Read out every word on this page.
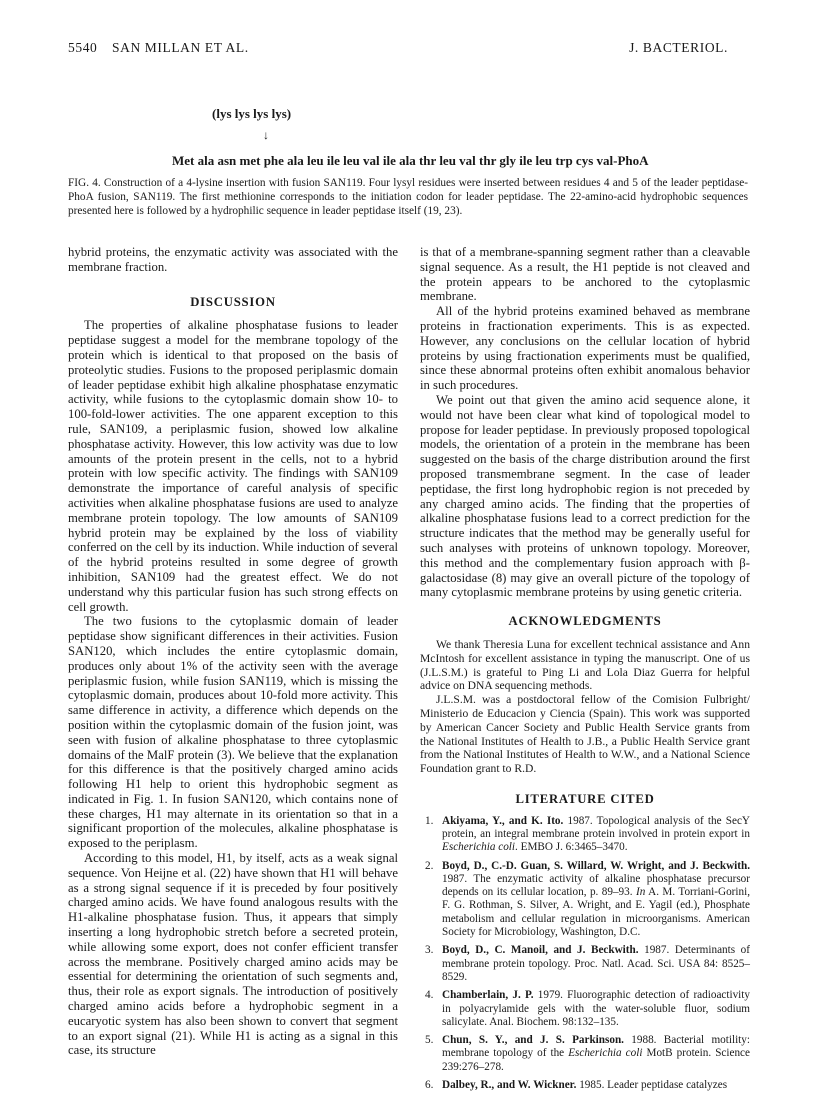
5540 SAN MILLAN ET AL.	J. BACTERIOL.
(lys lys lys lys)
↓
Met ala asn met phe ala leu ile leu val ile ala thr leu val thr gly ile leu trp cys val-PhoA
FIG. 4. Construction of a 4-lysine insertion with fusion SAN119. Four lysyl residues were inserted between residues 4 and 5 of the leader peptidase-PhoA fusion, SAN119. The first methionine corresponds to the initiation codon for leader peptidase. The 22-amino-acid hydrophobic sequences presented here is followed by a hydrophilic sequence in leader peptidase itself (19, 23).

hybrid proteins, the enzymatic activity was associated with the membrane fraction.

DISCUSSION

The properties of alkaline phosphatase fusions to leader peptidase suggest a model for the membrane topology of the protein which is identical to that proposed on the basis of proteolytic studies. Fusions to the proposed periplasmic domain of leader peptidase exhibit high alkaline phosphatase enzymatic activity, while fusions to the cytoplasmic domain show 10- to 100-fold-lower activities. The one apparent exception to this rule, SAN109, a periplasmic fusion, showed low alkaline phosphatase activity. However, this low activity was due to low amounts of the protein present in the cells, not to a hybrid protein with low specific activity. The findings with SAN109 demonstrate the importance of careful analysis of specific activities when alkaline phosphatase fusions are used to analyze membrane protein topology. The low amounts of SAN109 hybrid protein may be explained by the loss of viability conferred on the cell by its induction. While induction of several of the hybrid proteins resulted in some degree of growth inhibition, SAN109 had the greatest effect. We do not understand why this particular fusion has such strong effects on cell growth.

The two fusions to the cytoplasmic domain of leader peptidase show significant differences in their activities. Fusion SAN120, which includes the entire cytoplasmic domain, produces only about 1% of the activity seen with the average periplasmic fusion, while fusion SAN119, which is missing the cytoplasmic domain, produces about 10-fold more activity. This same difference in activity, a difference which depends on the position within the cytoplasmic domain of the fusion joint, was seen with fusion of alkaline phosphatase to three cytoplasmic domains of the MalF protein (3). We believe that the explanation for this difference is that the positively charged amino acids following H1 help to orient this hydrophobic segment as indicated in Fig. 1. In fusion SAN120, which contains none of these charges, H1 may alternate in its orientation so that in a significant proportion of the molecules, alkaline phosphatase is exposed to the periplasm.

According to this model, H1, by itself, acts as a weak signal sequence. Von Heijne et al. (22) have shown that H1 will behave as a strong signal sequence if it is preceded by four positively charged amino acids. We have found analogous results with the H1-alkaline phosphatase fusion. Thus, it appears that simply inserting a long hydrophobic stretch before a secreted protein, while allowing some export, does not confer efficient transfer across the membrane. Positively charged amino acids may be essential for determining the orientation of such segments and, thus, their role as export signals. The introduction of positively charged amino acids before a hydrophobic segment in a eucaryotic system has also been shown to convert that segment to an export signal (21). While H1 is acting as a signal in this case, its structure

is that of a membrane-spanning segment rather than a cleavable signal sequence. As a result, the H1 peptide is not cleaved and the protein appears to be anchored to the cytoplasmic membrane.

All of the hybrid proteins examined behaved as membrane proteins in fractionation experiments. This is as expected. However, any conclusions on the cellular location of hybrid proteins by using fractionation experiments must be qualified, since these abnormal proteins often exhibit anomalous behavior in such procedures.

We point out that given the amino acid sequence alone, it would not have been clear what kind of topological model to propose for leader peptidase. In previously proposed topological models, the orientation of a protein in the membrane has been suggested on the basis of the charge distribution around the first proposed transmembrane segment. In the case of leader peptidase, the first long hydrophobic region is not preceded by any charged amino acids. The finding that the properties of alkaline phosphatase fusions lead to a correct prediction for the structure indicates that the method may be generally useful for such analyses with proteins of unknown topology. Moreover, this method and the complementary fusion approach with β-galactosidase (8) may give an overall picture of the topology of many cytoplasmic membrane proteins by using genetic criteria.

ACKNOWLEDGMENTS

We thank Theresia Luna for excellent technical assistance and Ann McIntosh for excellent assistance in typing the manuscript. One of us (J.L.S.M.) is grateful to Ping Li and Lola Diaz Guerra for helpful advice on DNA sequencing methods.

J.L.S.M. was a postdoctoral fellow of the Comision Fulbright/ Ministerio de Educacion y Ciencia (Spain). This work was supported by American Cancer Society and Public Health Service grants from the National Institutes of Health to J.B., a Public Health Service grant from the National Institutes of Health to W.W., and a National Science Foundation grant to R.D.

LITERATURE CITED
1. Akiyama, Y., and K. Ito. 1987. Topological analysis of the SecY protein, an integral membrane protein involved in protein export in Escherichia coli. EMBO J. 6:3465–3470.
2. Boyd, D., C.-D. Guan, S. Willard, W. Wright, and J. Beckwith. 1987. The enzymatic activity of alkaline phosphatase precursor depends on its cellular location, p. 89–93. In A. M. Torriani-Gorini, F. G. Rothman, S. Silver, A. Wright, and E. Yagil (ed.), Phosphate metabolism and cellular regulation in microorganisms. American Society for Microbiology, Washington, D.C.
3. Boyd, D., C. Manoil, and J. Beckwith. 1987. Determinants of membrane protein topology. Proc. Natl. Acad. Sci. USA 84: 8525–8529.
4. Chamberlain, J. P. 1979. Fluorographic detection of radioactivity in polyacrylamide gels with the water-soluble fluor, sodium salicylate. Anal. Biochem. 98:132–135.
5. Chun, S. Y., and J. S. Parkinson. 1988. Bacterial motility: membrane topology of the Escherichia coli MotB protein. Science 239:276–278.
6. Dalbey, R., and W. Wickner. 1985. Leader peptidase catalyzes
